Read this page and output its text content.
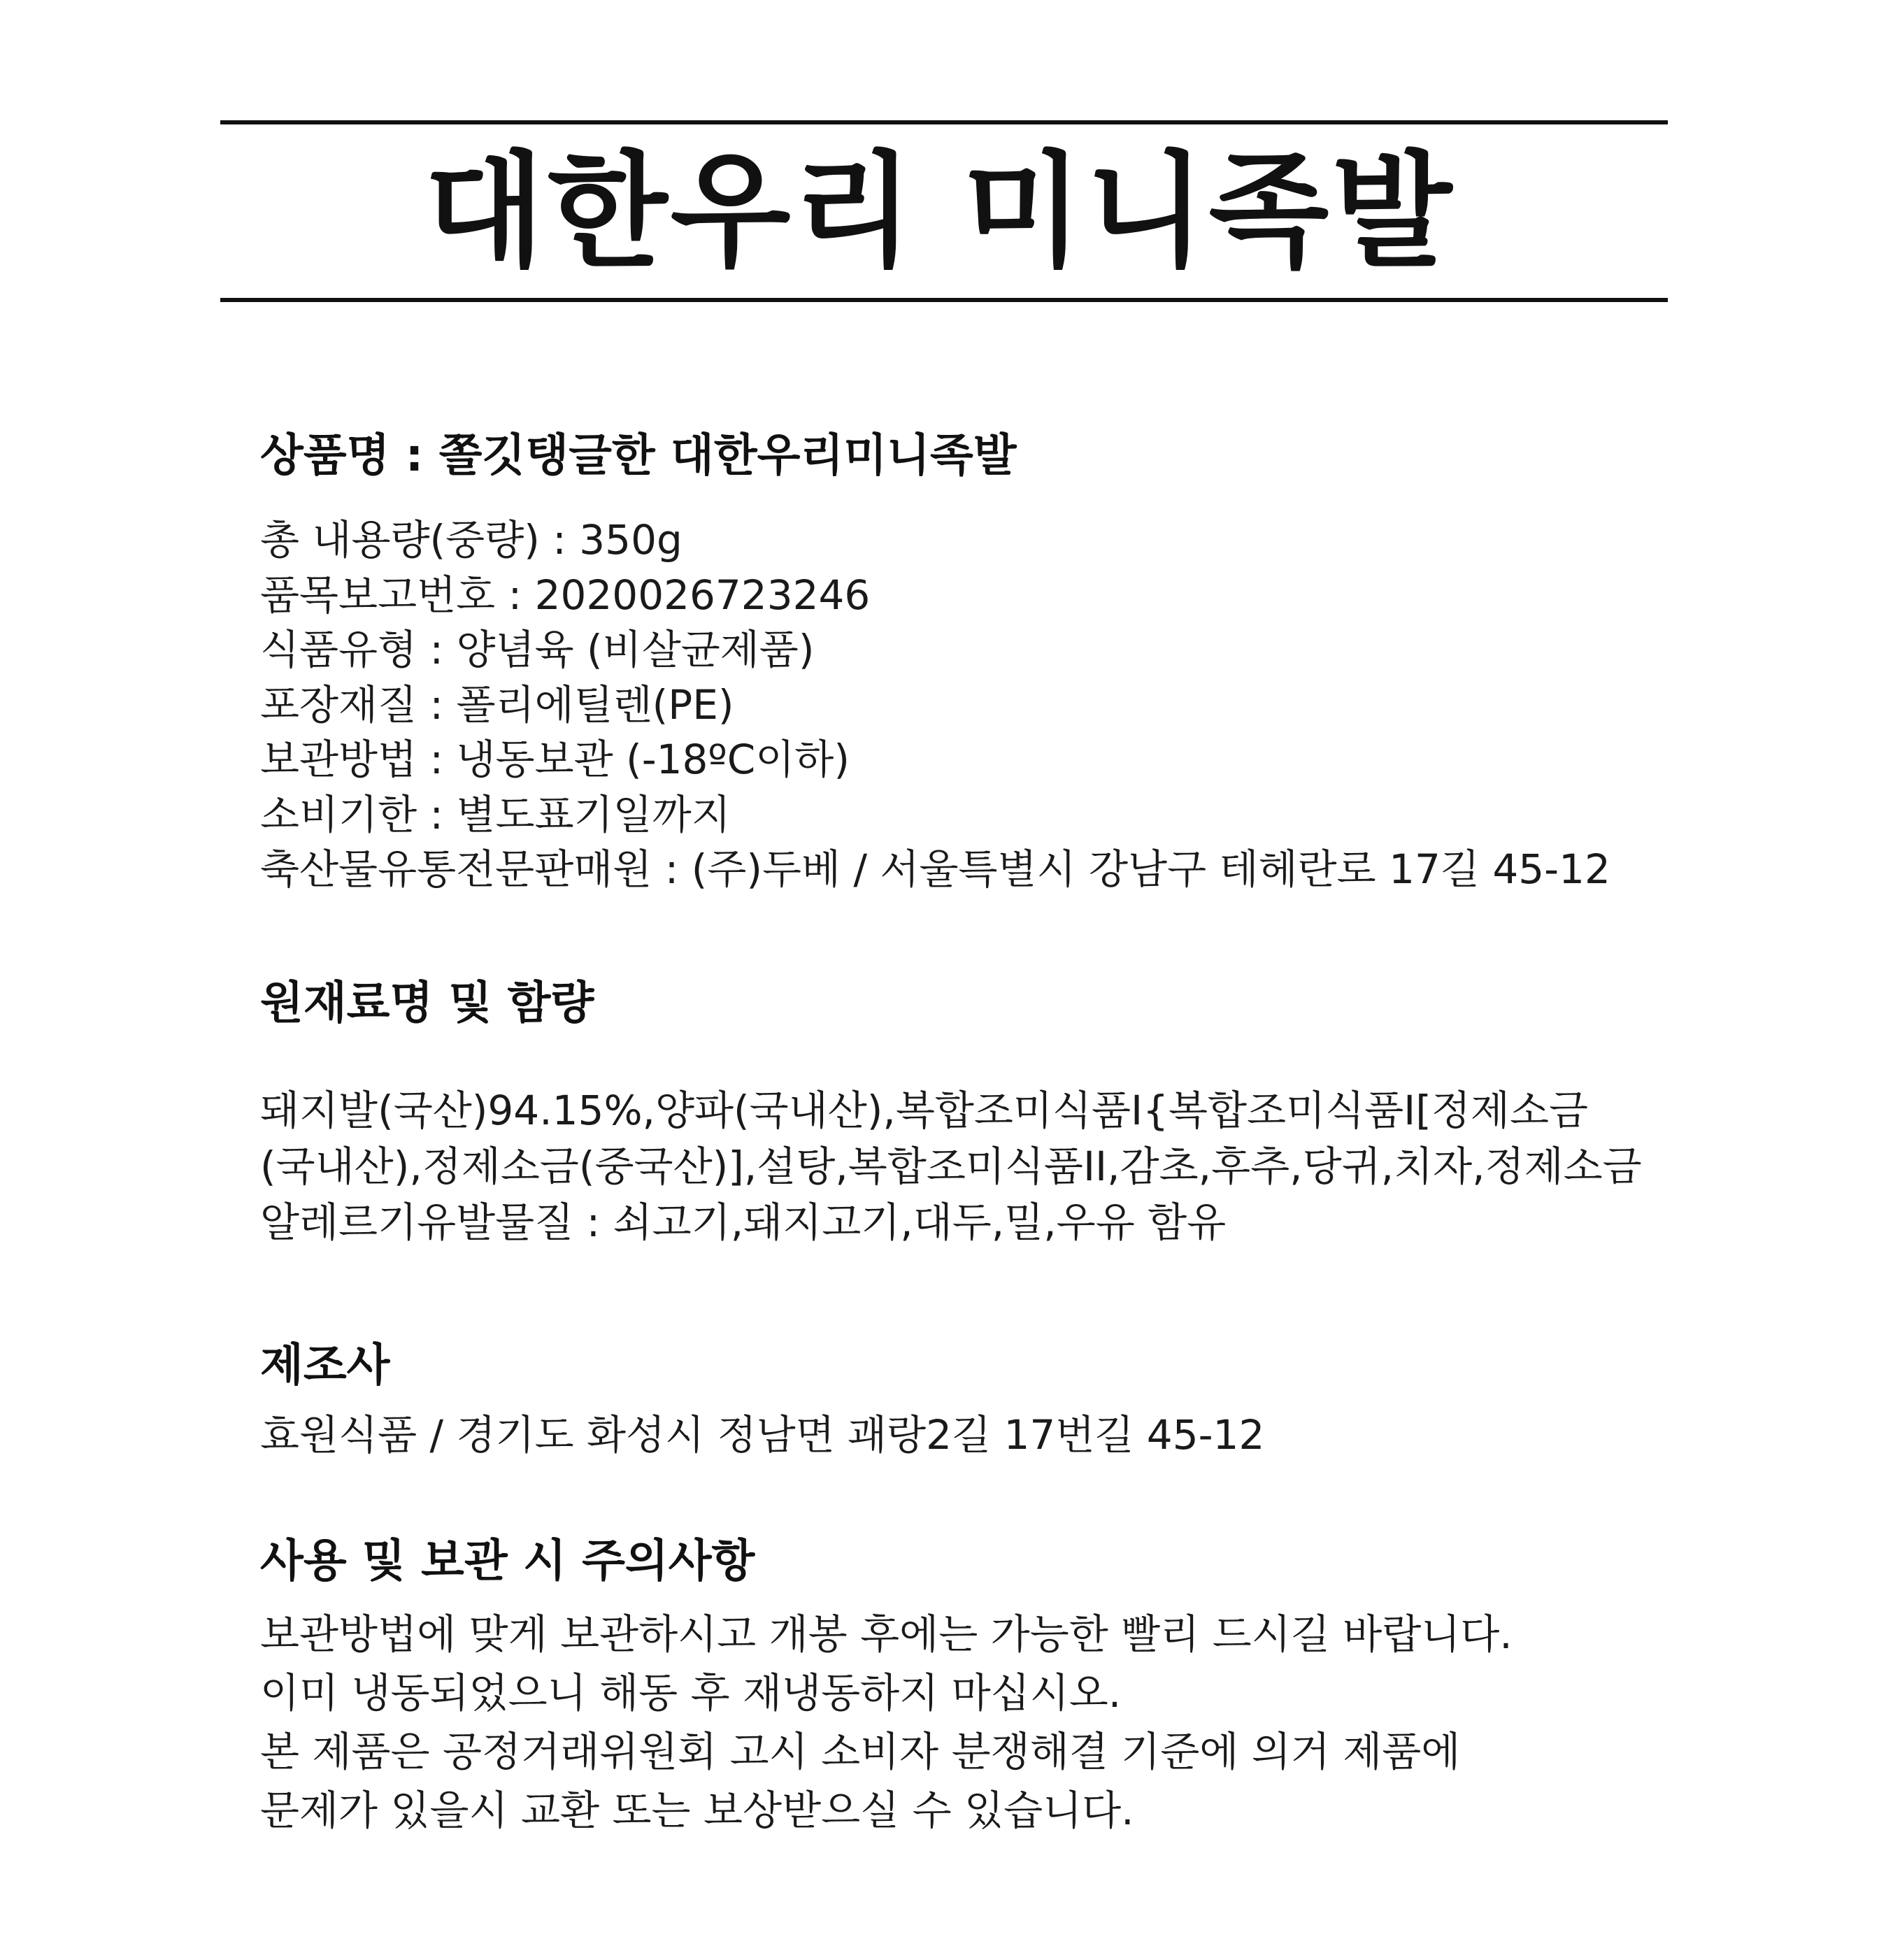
대한우리 미니족발
상품명 : 쫄깃탱글한 대한우리미니족발
총 내용량(중량) : 350g
품목보고번호 : 2020026723246
식품유형 : 양념육 (비살균제품)
포장재질 : 폴리에틸렌(PE)
보관방법 : 냉동보관 (-18ºC이하)
소비기한 : 별도표기일까지
축산물유통전문판매원 : (주)두베 / 서울특별시 강남구 테헤란로 17길 45-12
원재료명 및 함량
돼지발(국산)94.15%,양파(국내산),복합조미식품I{복합조미식품I[정제소금
(국내산),정제소금(중국산)],설탕,복합조미식품II,감초,후추,당귀,치자,정제소금
알레르기유발물질 : 쇠고기,돼지고기,대두,밀,우유 함유
제조사
효원식품 / 경기도 화성시 정남면 괘랑2길 17번길 45-12
사용 및 보관 시 주의사항
보관방법에 맞게 보관하시고 개봉 후에는 가능한 빨리 드시길 바랍니다.
이미 냉동되었으니 해동 후 재냉동하지 마십시오.
본 제품은 공정거래위원회 고시 소비자 분쟁해결 기준에 의거 제품에
문제가 있을시 교환 또는 보상받으실 수 있습니다.
